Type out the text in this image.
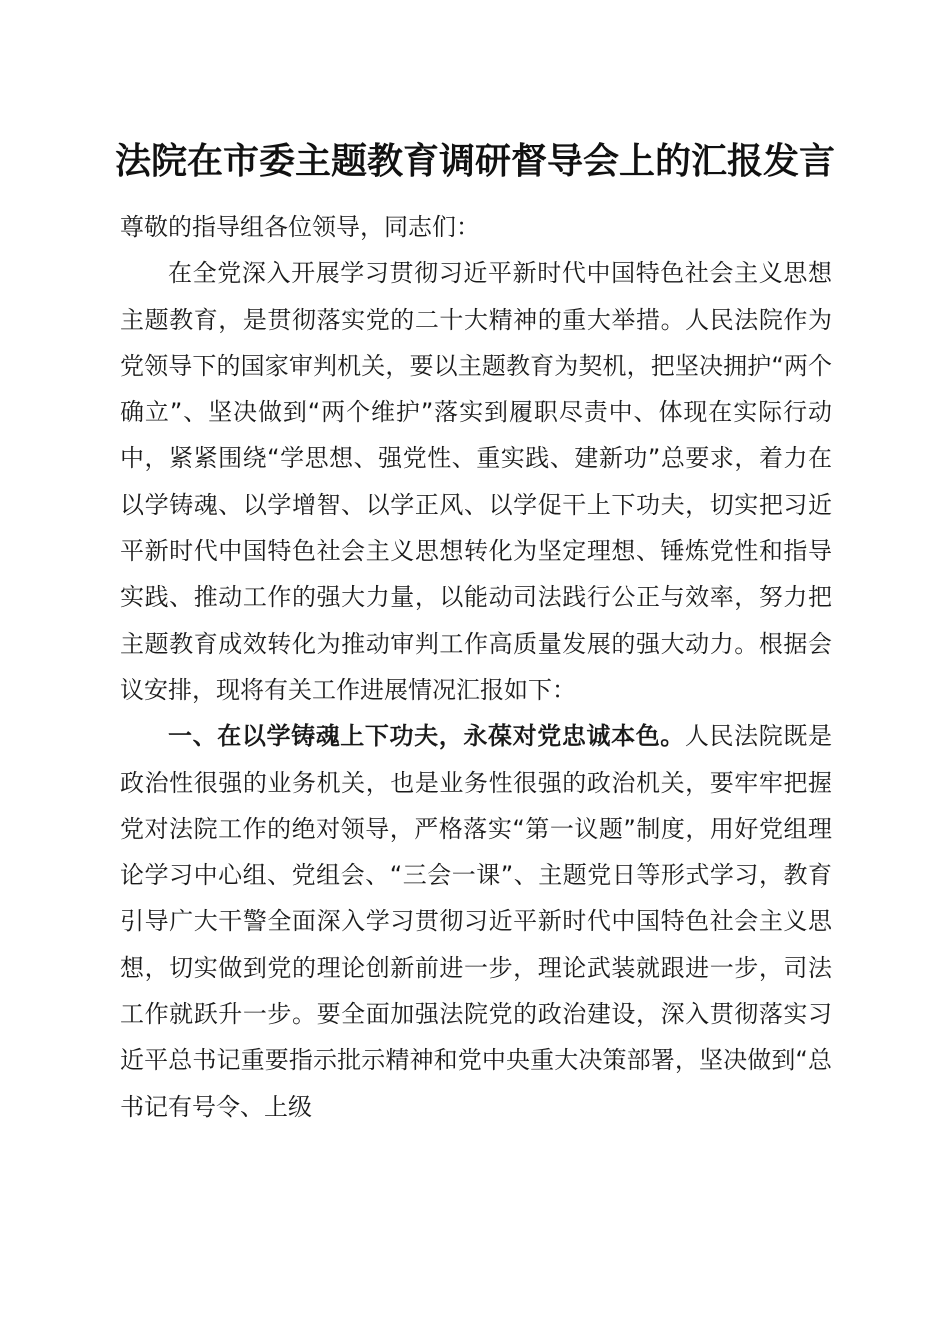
法院在市委主题教育调研督导会上的汇报发言

尊敬的指导组各位领导，同志们：

在全党深入开展学习贯彻习近平新时代中国特色社会主义思想主题教育，是贯彻落实党的二十大精神的重大举措。人民法院作为党领导下的国家审判机关，要以主题教育为契机，把坚决拥护“两个确立”、坚决做到“两个维护”落实到履职尽责中、体现在实际行动中，紧紧围绕“学思想、强党性、重实践、建新功”总要求，着力在以学铸魂、以学增智、以学正风、以学促干上下功夫，切实把习近平新时代中国特色社会主义思想转化为坚定理想、锤炼党性和指导实践、推动工作的强大力量，以能动司法践行公正与效率，努力把主题教育成效转化为推动审判工作高质量发展的强大动力。根据会议安排，现将有关工作进展情况汇报如下：

一、在以学铸魂上下功夫，永葆对党忠诚本色。人民法院既是政治性很强的业务机关，也是业务性很强的政治机关，要牢牢把握党对法院工作的绝对领导，严格落实“第一议题”制度，用好党组理论学习中心组、党组会、“三会一课”、主题党日等形式学习，教育引导广大干警全面深入学习贯彻习近平新时代中国特色社会主义思想，切实做到党的理论创新前进一步，理论武装就跟进一步，司法工作就跃升一步。要全面加强法院党的政治建设，深入贯彻落实习近平总书记重要指示批示精神和党中央重大决策部署，坚决做到“总书记有号令、上级
